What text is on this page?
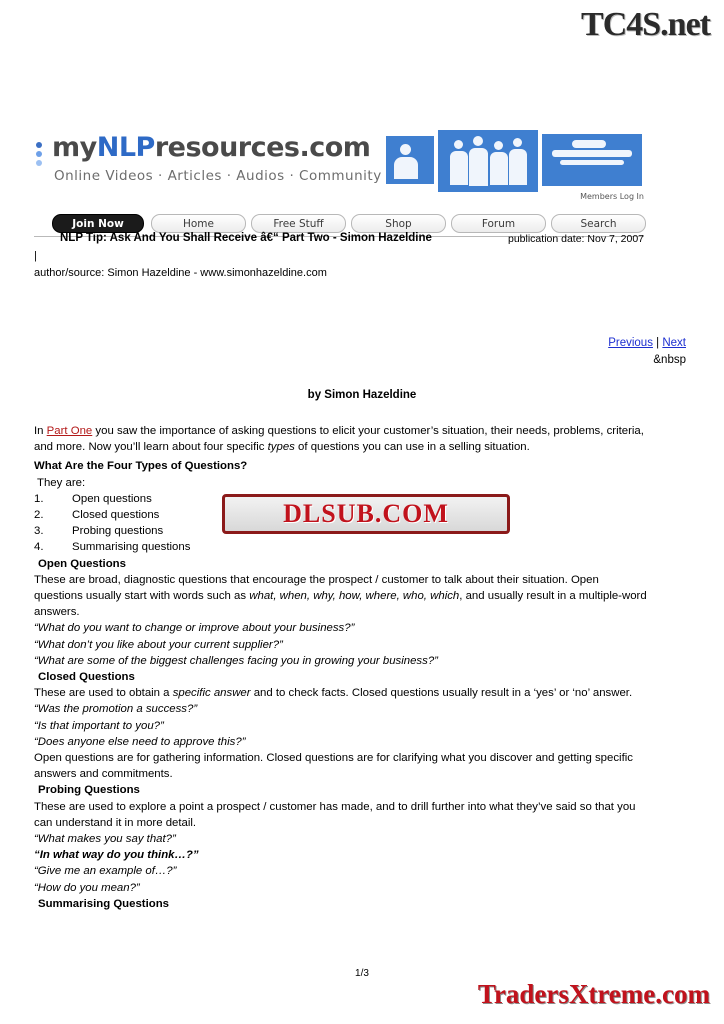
TC4S.net
myNLPresources.com
Online Videos · Articles · Audios · Community
Members Log In
Join Now	Home	Free Stuff	Shop	Forum	Search
NLP Tip: Ask And You Shall Receive â€“ Part Two - Simon Hazeldine	publication date: Nov 7, 2007
|
author/source: Simon Hazeldine - www.simonhazeldine.com
Previous | Next
&nbsp
by Simon Hazeldine

In Part One you saw the importance of asking questions to elicit your customer’s situation, their needs, problems, criteria, and more. Now you’ll learn about four specific types of questions you can use in a selling situation.

What Are the Four Types of Questions?

They are:

1.	Open questions
2.	Closed questions
3.	Probing questions
4.	Summarising questions

Open Questions

These are broad, diagnostic questions that encourage the prospect / customer to talk about their situation. Open questions usually start with words such as what, when, why, how, where, who, which, and usually result in a multiple-word answers.

“What do you want to change or improve about your business?”

“What don’t you like about your current supplier?”

“What are some of the biggest challenges facing you in growing your business?”

Closed Questions

These are used to obtain a specific answer and to check facts. Closed questions usually result in a ‘yes’ or ‘no’ answer.

“Was the promotion a success?”

“Is that important to you?”

“Does anyone else need to approve this?”

Open questions are for gathering information. Closed questions are for clarifying what you discover and getting specific answers and commitments.

Probing Questions

These are used to explore a point a prospect / customer has made, and to drill further into what they’ve said so that you can understand it in more detail.

“What makes you say that?”

“In what way do you think…?”

“Give me an example of…?”

“How do you mean?”

Summarising Questions

DLSUB.COM
1/3
TradersXtreme.com
